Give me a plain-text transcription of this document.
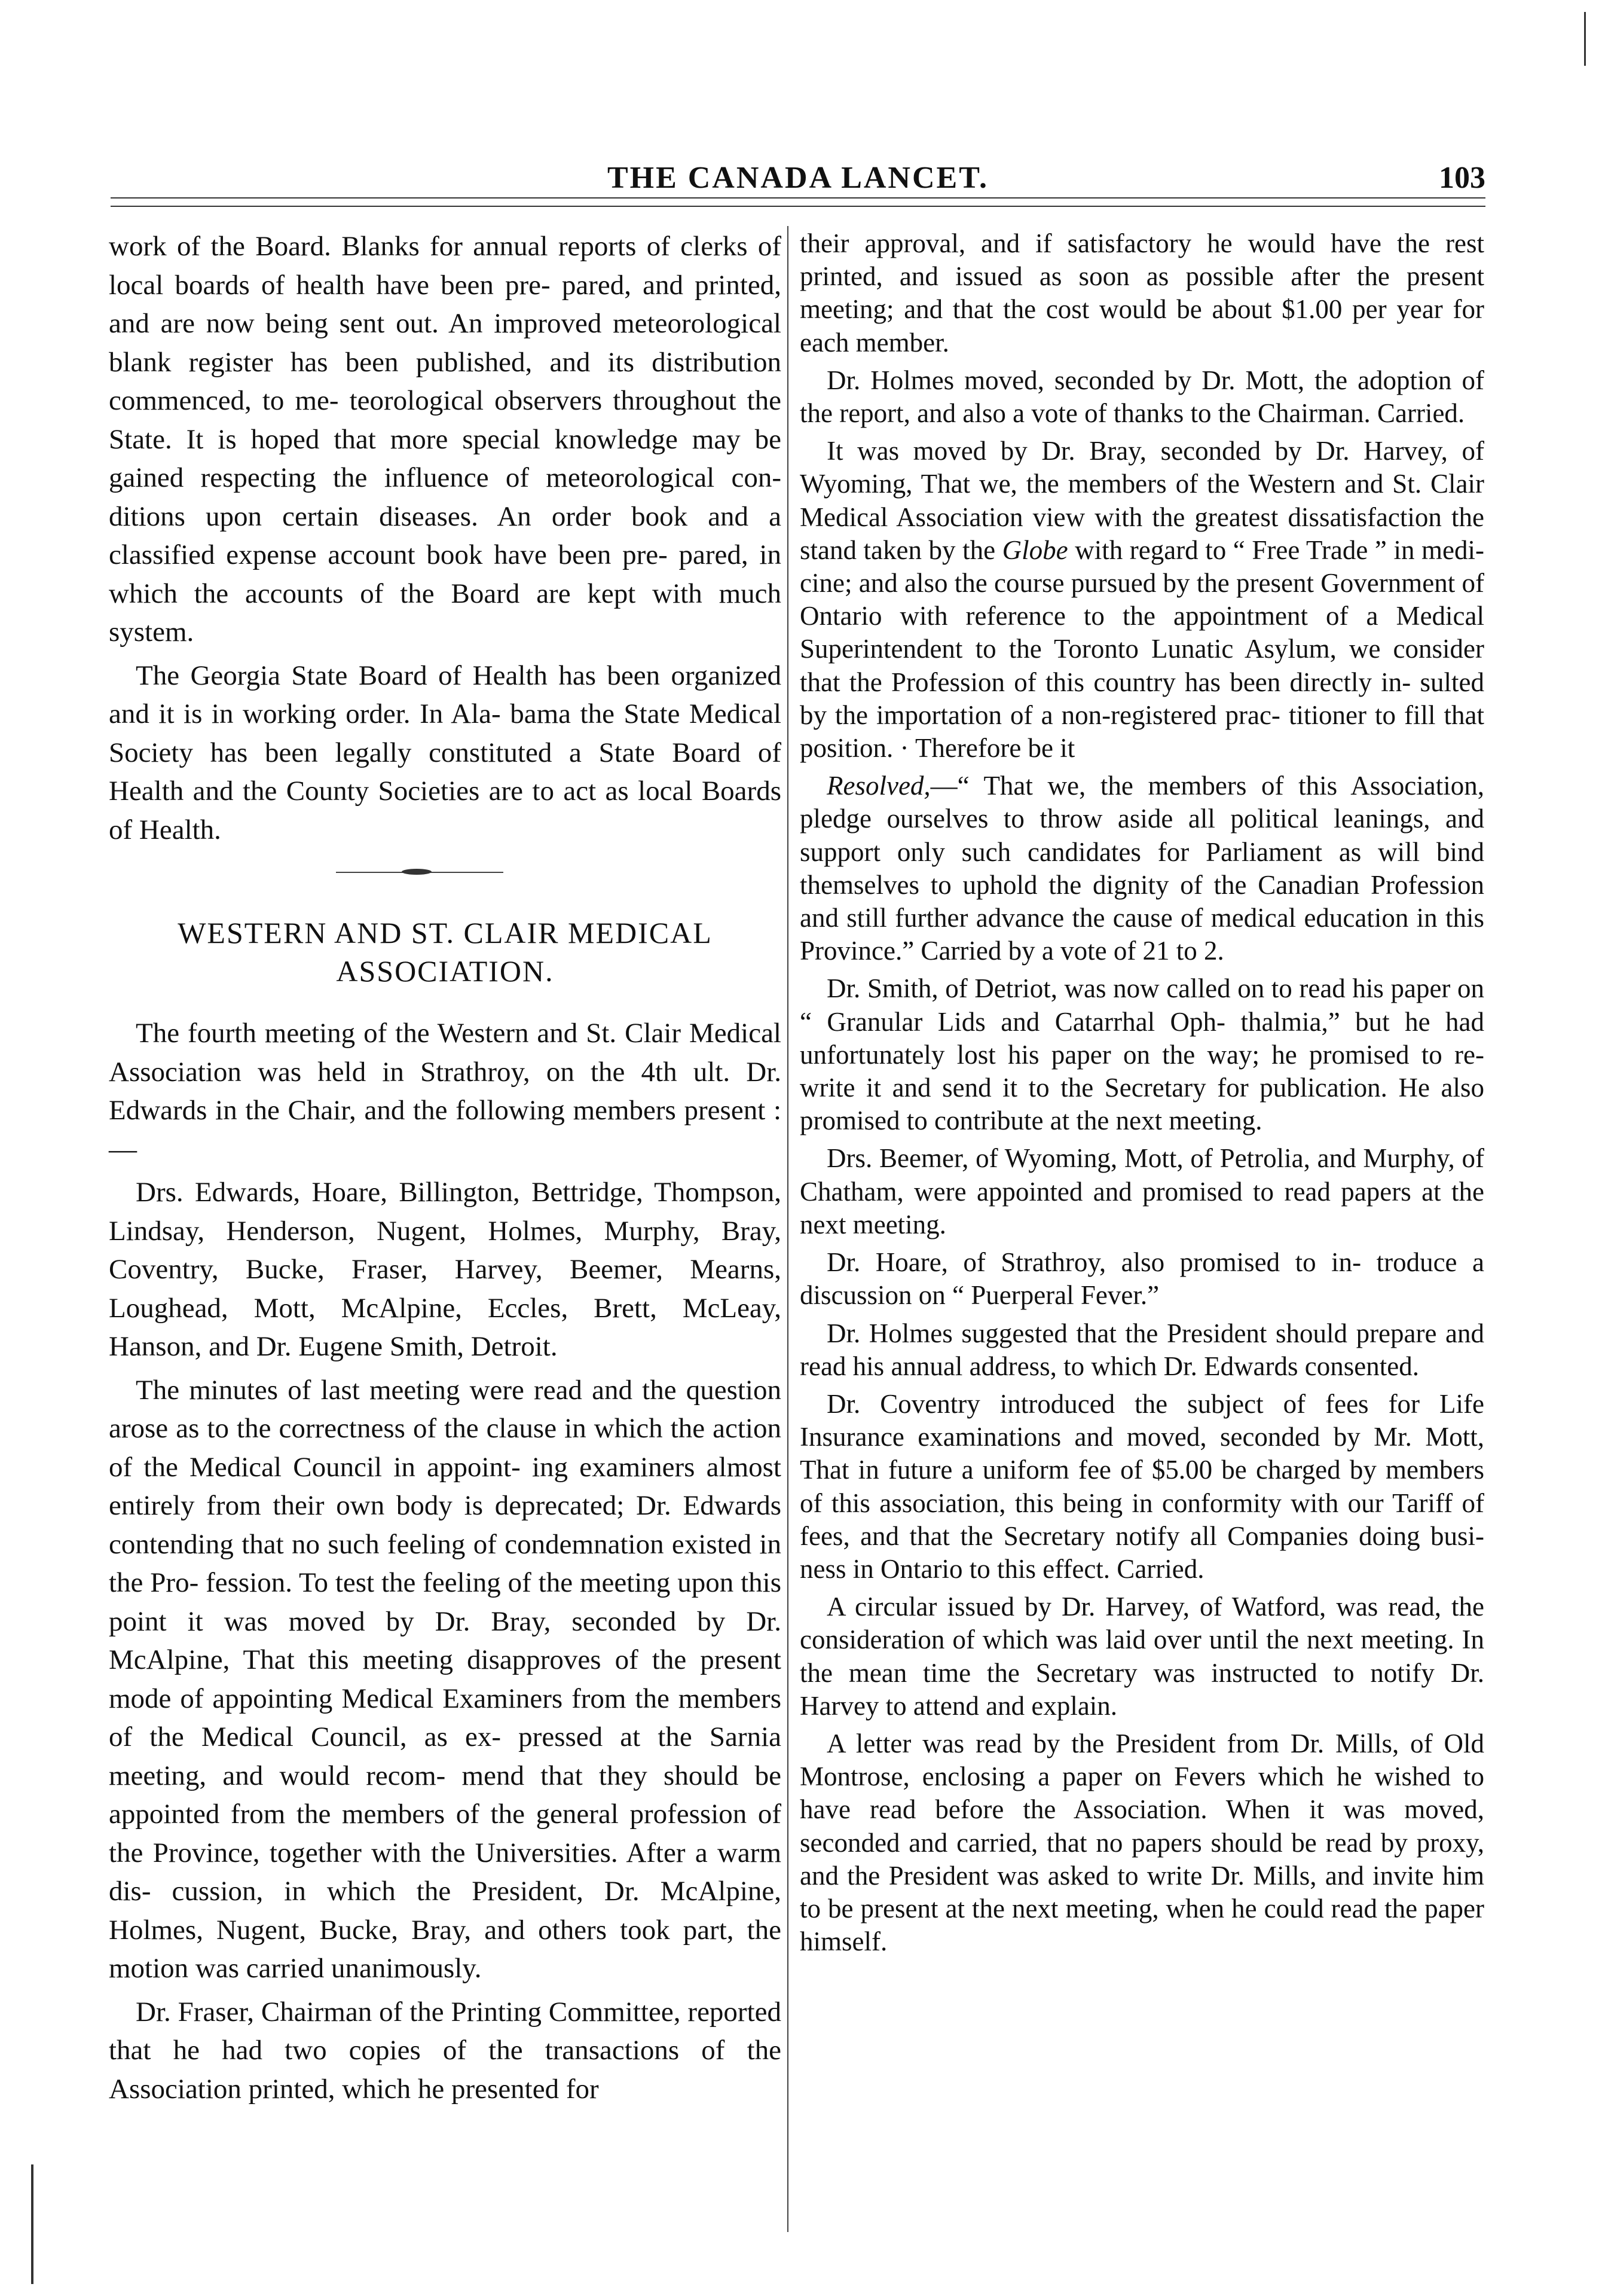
THE CANADA LANCET.	103

work of the Board. Blanks for annual reports of clerks of local boards of health have been pre- pared, and printed, and are now being sent out. An improved meteorological blank register has been published, and its distribution commenced, to me- teorological observers throughout the State. It is hoped that more special knowledge may be gained respecting the influence of meteorological con- ditions upon certain diseases. An order book and a classified expense account book have been pre- pared, in which the accounts of the Board are kept with much system.

The Georgia State Board of Health has been organized and it is in working order. In Ala- bama the State Medical Society has been legally constituted a State Board of Health and the County Societies are to act as local Boards of Health.

WESTERN AND ST. CLAIR MEDICAL ASSOCIATION.

The fourth meeting of the Western and St. Clair Medical Association was held in Strathroy, on the 4th ult. Dr. Edwards in the Chair, and the following members present :—

Drs. Edwards, Hoare, Billington, Bettridge, Thompson, Lindsay, Henderson, Nugent, Holmes, Murphy, Bray, Coventry, Bucke, Fraser, Harvey, Beemer, Mearns, Loughead, Mott, McAlpine, Eccles, Brett, McLeay, Hanson, and Dr. Eugene Smith, Detroit.

The minutes of last meeting were read and the question arose as to the correctness of the clause in which the action of the Medical Council in appoint- ing examiners almost entirely from their own body is deprecated; Dr. Edwards contending that no such feeling of condemnation existed in the Pro- fession. To test the feeling of the meeting upon this point it was moved by Dr. Bray, seconded by Dr. McAlpine, That this meeting disapproves of the present mode of appointing Medical Examiners from the members of the Medical Council, as ex- pressed at the Sarnia meeting, and would recom- mend that they should be appointed from the members of the general profession of the Province, together with the Universities. After a warm dis- cussion, in which the President, Dr. McAlpine, Holmes, Nugent, Bucke, Bray, and others took part, the motion was carried unanimously.

Dr. Fraser, Chairman of the Printing Committee, reported that he had two copies of the transactions of the Association printed, which he presented for

their approval, and if satisfactory he would have the rest printed, and issued as soon as possible after the present meeting; and that the cost would be about $1.00 per year for each member.

Dr. Holmes moved, seconded by Dr. Mott, the adoption of the report, and also a vote of thanks to the Chairman. Carried.

It was moved by Dr. Bray, seconded by Dr. Harvey, of Wyoming, That we, the members of the Western and St. Clair Medical Association view with the greatest dissatisfaction the stand taken by the Globe with regard to “ Free Trade ” in medi- cine; and also the course pursued by the present Government of Ontario with reference to the appointment of a Medical Superintendent to the Toronto Lunatic Asylum, we consider that the Profession of this country has been directly in- sulted by the importation of a non-registered prac- titioner to fill that position. · Therefore be it

Resolved,—“ That we, the members of this Association, pledge ourselves to throw aside all political leanings, and support only such candidates for Parliament as will bind themselves to uphold the dignity of the Canadian Profession and still further advance the cause of medical education in this Province.” Carried by a vote of 21 to 2.

Dr. Smith, of Detriot, was now called on to read his paper on “ Granular Lids and Catarrhal Oph- thalmia,” but he had unfortunately lost his paper on the way; he promised to re-write it and send it to the Secretary for publication. He also promised to contribute at the next meeting.

Drs. Beemer, of Wyoming, Mott, of Petrolia, and Murphy, of Chatham, were appointed and promised to read papers at the next meeting.

Dr. Hoare, of Strathroy, also promised to in- troduce a discussion on “ Puerperal Fever.”

Dr. Holmes suggested that the President should prepare and read his annual address, to which Dr. Edwards consented.

Dr. Coventry introduced the subject of fees for Life Insurance examinations and moved, seconded by Mr. Mott, That in future a uniform fee of $5.00 be charged by members of this association, this being in conformity with our Tariff of fees, and that the Secretary notify all Companies doing busi- ness in Ontario to this effect. Carried.

A circular issued by Dr. Harvey, of Watford, was read, the consideration of which was laid over until the next meeting. In the mean time the Secretary was instructed to notify Dr. Harvey to attend and explain.

A letter was read by the President from Dr. Mills, of Old Montrose, enclosing a paper on Fevers which he wished to have read before the Association. When it was moved, seconded and carried, that no papers should be read by proxy, and the President was asked to write Dr. Mills, and invite him to be present at the next meeting, when he could read the paper himself.
